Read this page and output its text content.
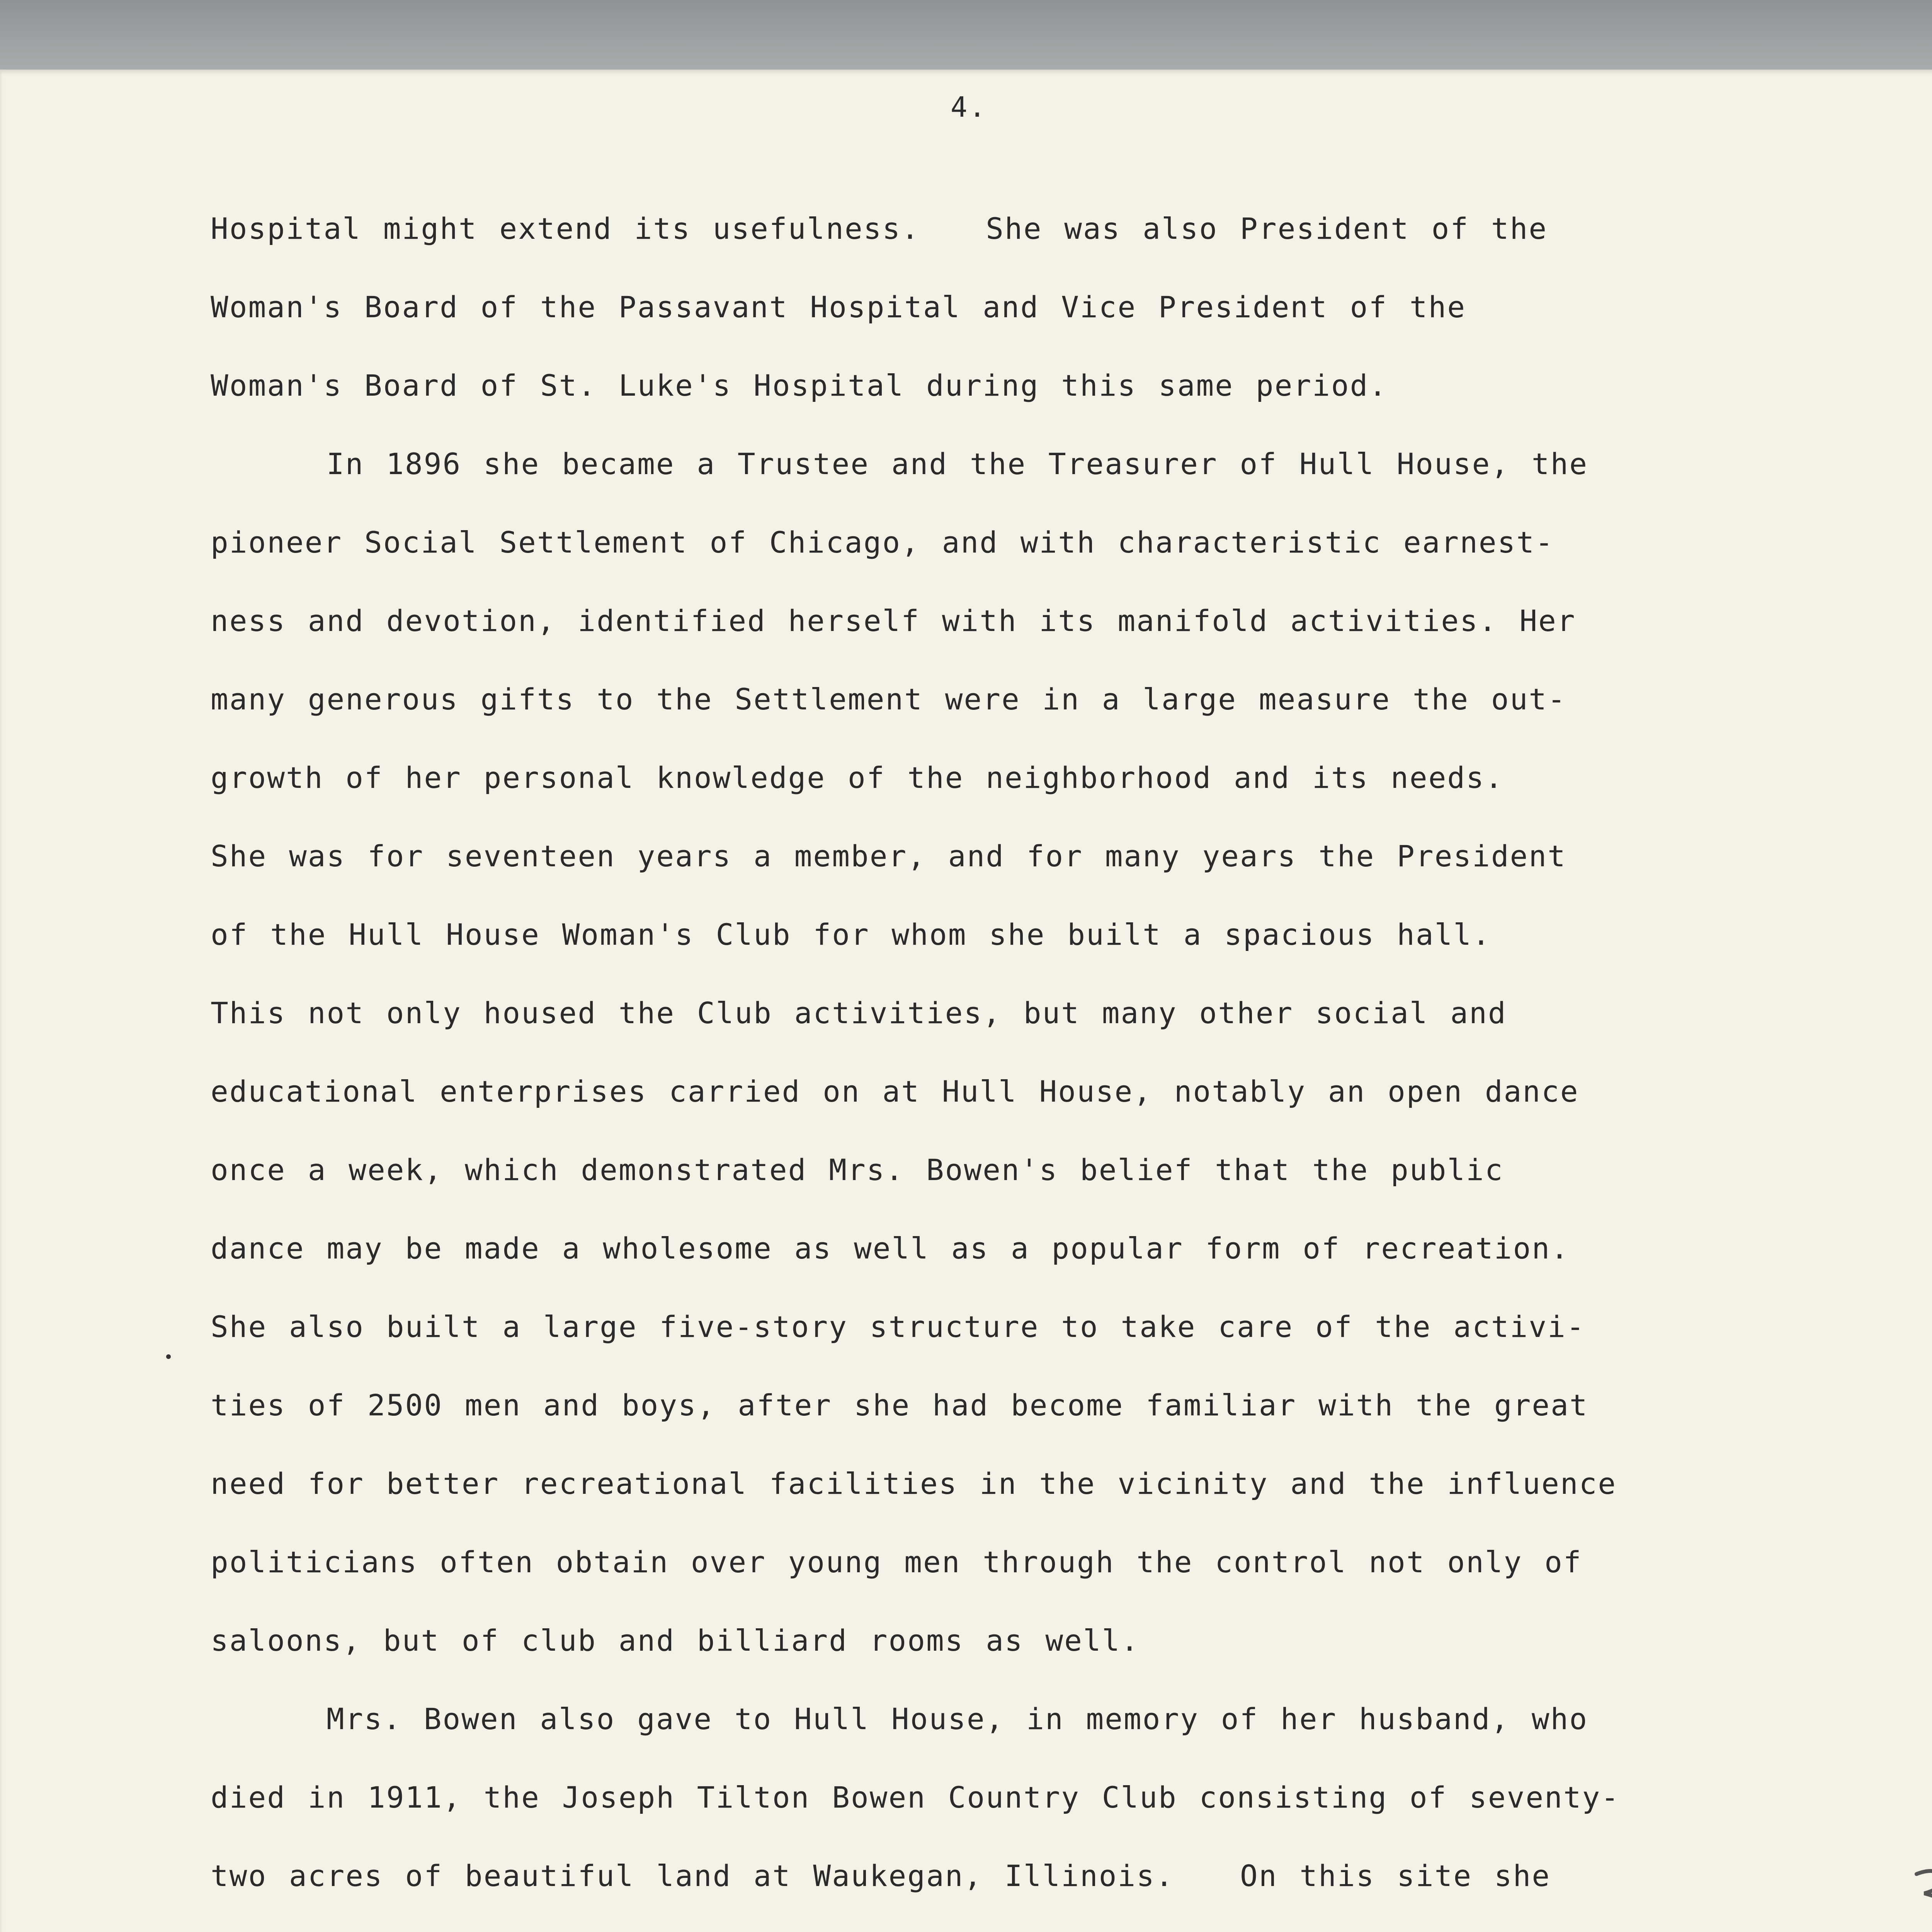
4.
Hospital might extend its usefulness.   She was also President of the
Woman's Board of the Passavant Hospital and Vice President of the
Woman's Board of St. Luke's Hospital during this same period.
In 1896 she became a Trustee and the Treasurer of Hull House, the
pioneer Social Settlement of Chicago, and with characteristic earnest-
ness and devotion, identified herself with its manifold activities. Her
many generous gifts to the Settlement were in a large measure the out-
growth of her personal knowledge of the neighborhood and its needs.
She was for seventeen years a member, and for many years the President
of the Hull House Woman's Club for whom she built a spacious hall.
This not only housed the Club activities, but many other social and
educational enterprises carried on at Hull House, notably an open dance
once a week, which demonstrated Mrs. Bowen's belief that the public
dance may be made a wholesome as well as a popular form of recreation.
She also built a large five-story structure to take care of the activi-
ties of 2500 men and boys, after she had become familiar with the great
need for better recreational facilities in the vicinity and the influence
politicians often obtain over young men through the control not only of
saloons, but of club and billiard rooms as well.
Mrs. Bowen also gave to Hull House, in memory of her husband, who
died in 1911, the Joseph Tilton Bowen Country Club consisting of seventy-
two acres of beautiful land at Waukegan, Illinois.   On this site she
